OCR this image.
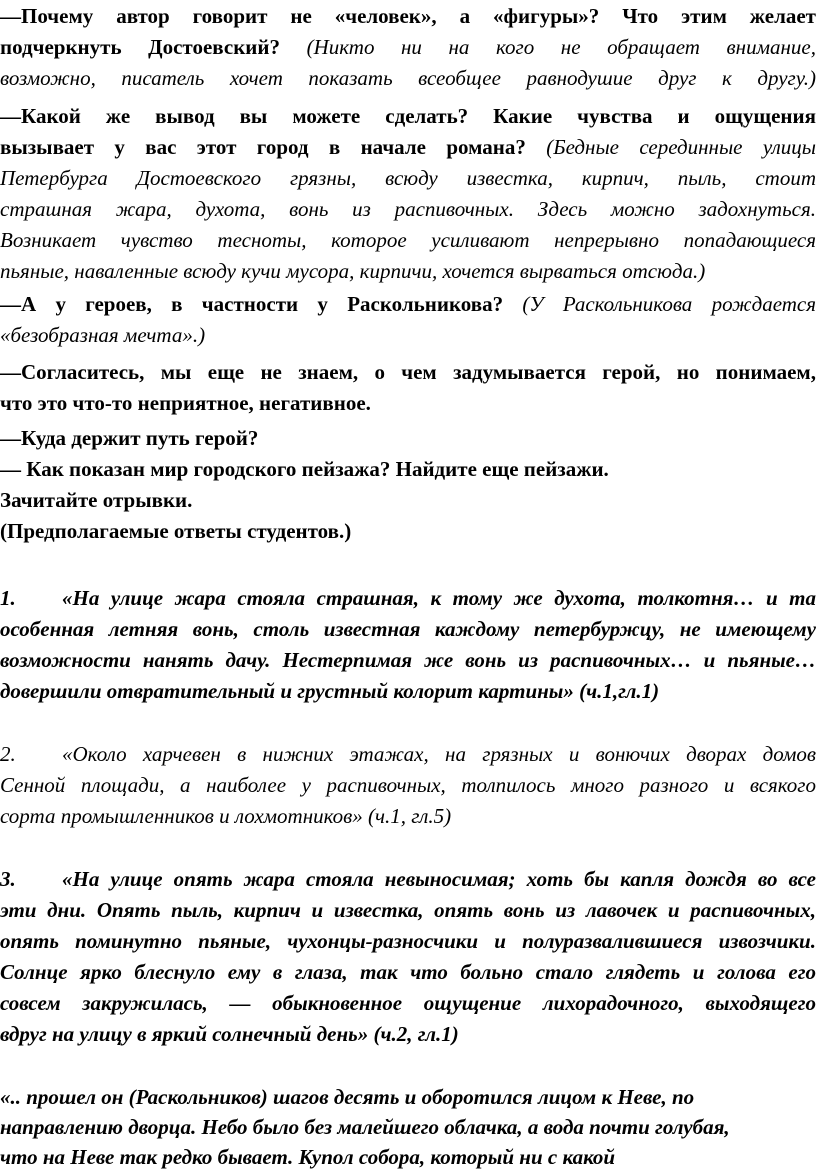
—Почему автор говорит не «человек», а «фигуры»? Что этим желает
подчеркнуть Достоевский? (Никто ни на кого не обращает внимание,
возможно, писатель хочет показать всеобщее равнодушие друг к другу.)
—Какой же вывод вы можете сделать? Какие чувства и ощущения
вызывает у вас этот город в начале романа? (Бедные серединные улицы
Петербурга Достоевского грязны, всюду известка, кирпич, пыль, стоит
страшная жара, духота, вонь из распивочных. Здесь можно задохнуться.
Возникает чувство тесноты, которое усиливают непрерывно попадающиеся
пьяные, наваленные всюду кучи мусора, кирпичи, хочется вырваться отсюда.)
—А у героев, в частности у Раскольникова? (У Раскольникова рождается
«безобразная мечта».)
—Согласитесь, мы еще не знаем, о чем задумывается герой, но понимаем,
что это что-то неприятное, негативное.
—Куда держит путь герой?
— Как показан мир городского пейзажа? Найдите еще пейзажи.
Зачитайте отрывки.
(Предполагаемые ответы студентов.)
1. «На улице жара стояла страшная, к тому же духота, толкотня… и та
особенная летняя вонь, столь известная каждому петербуржцу, не имеющему
возможности нанять дачу. Нестерпимая же вонь из распивочных… и пьяные…
довершили отвратительный и грустный колорит картины» (ч.1,гл.1)
2. «Около харчевен в нижних этажах, на грязных и вонючих дворах домов
Сенной площади, а наиболее у распивочных, толпилось много разного и всякого
сорта промышленников и лохмотников» (ч.1, гл.5)
3. «На улице опять жара стояла невыносимая; хоть бы капля дождя во все
эти дни. Опять пыль, кирпич и известка, опять вонь из лавочек и распивочных,
опять поминутно пьяные, чухонцы-разносчики и полуразвалившиеся извозчики.
Солнце ярко блеснуло ему в глаза, так что больно стало глядеть и голова его
совсем закружилась, — обыкновенное ощущение лихорадочного, выходящего
вдруг на улицу в яркий солнечный день» (ч.2, гл.1)
«.. прошел он (Раскольников) шагов десять и оборотился лицом к Неве, по
направлению дворца. Небо было без малейшего облачка, а вода почти голубая,
что на Неве так редко бывает. Купол собора, который ни с какой
